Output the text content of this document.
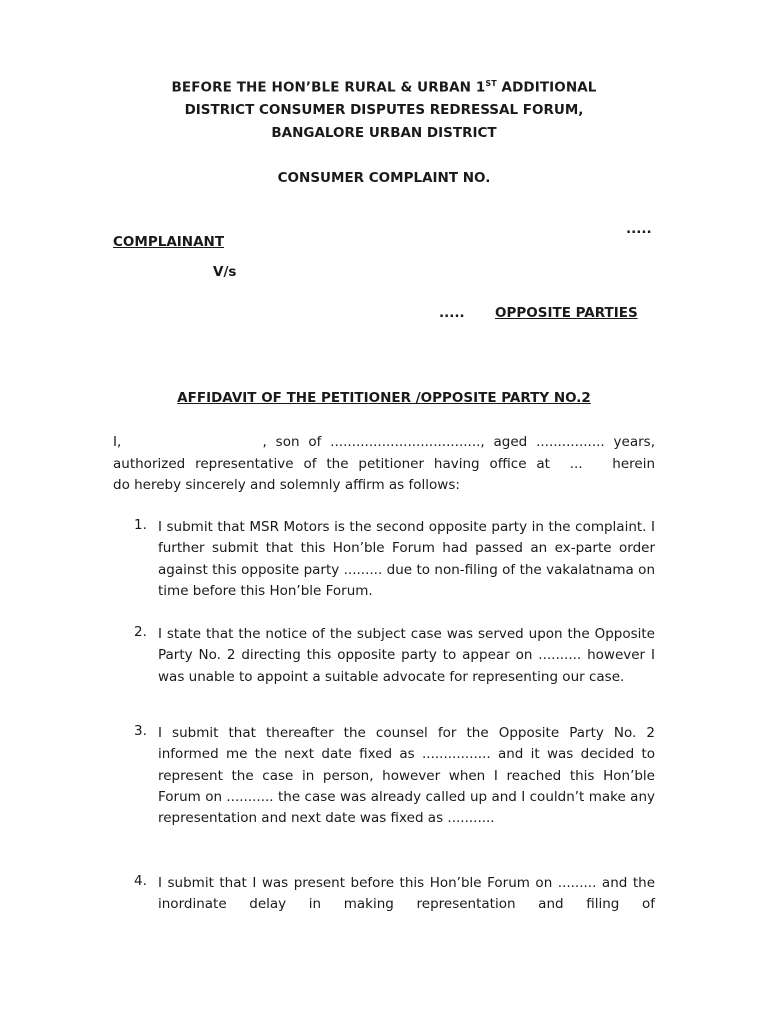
BEFORE THE HON’BLE RURAL & URBAN 1ST ADDITIONAL
DISTRICT CONSUMER DISPUTES REDRESSAL FORUM,
BANGALORE URBAN DISTRICT
CONSUMER COMPLAINT NO.
.....
COMPLAINANT
V/s
..... OPPOSITE PARTIES
AFFIDAVIT OF THE PETITIONER /OPPOSITE PARTY NO.2
I,                , son of ..................................., aged ................ years,
authorized representative of the petitioner having office at  ...   herein
do hereby sincerely and solemnly affirm as follows:
1. I submit that MSR Motors is the second opposite party in the complaint. I further submit that this Hon’ble Forum had passed an ex-parte order against this opposite party ......... due to non-filing of the vakalatnama on time before this Hon’ble Forum.
2. I state that the notice of the subject case was served upon the Opposite Party No. 2 directing this opposite party to appear on .......... however I was unable to appoint a suitable advocate for representing our case.
3. I submit that thereafter the counsel for the Opposite Party No. 2 informed me the next date fixed as ................ and it was decided to represent the case in person, however when I reached this Hon’ble Forum on ........... the case was already called up and I couldn’t make any representation and next date was fixed as ...........
4. I submit that I was present before this Hon’ble Forum on ......... and the inordinate delay in making representation and filing of
